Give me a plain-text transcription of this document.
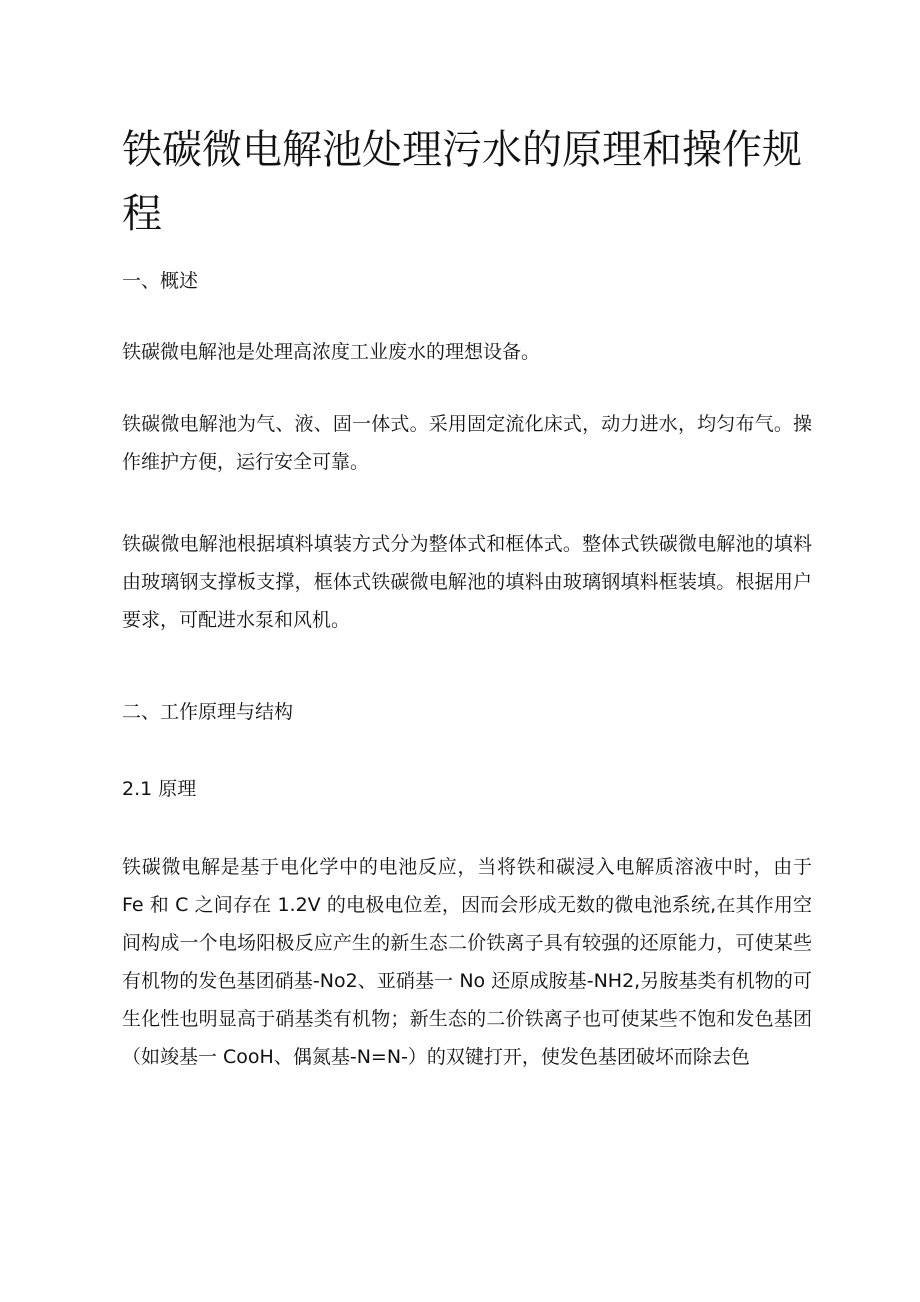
铁碳微电解池处理污水的原理和操作规程

一、概述

铁碳微电解池是处理高浓度工业废水的理想设备。

铁碳微电解池为气、液、固一体式。采用固定流化床式，动力进水，均匀布气。操作维护方便，运行安全可靠。

铁碳微电解池根据填料填装方式分为整体式和框体式。整体式铁碳微电解池的填料由玻璃钢支撑板支撑，框体式铁碳微电解池的填料由玻璃钢填料框装填。根据用户要求，可配进水泵和风机。

二、工作原理与结构

2.1 原理

铁碳微电解是基于电化学中的电池反应，当将铁和碳浸入电解质溶液中时，由于 Fe 和 C 之间存在 1.2V 的电极电位差，因而会形成无数的微电池系统,在其作用空间构成一个电场阳极反应产生的新生态二价铁离子具有较强的还原能力，可使某些有机物的发色基团硝基-No2、亚硝基一 No 还原成胺基-NH2,另胺基类有机物的可生化性也明显高于硝基类有机物；新生态的二价铁离子也可使某些不饱和发色基团（如竣基一 CooH、偶氮基-N=N-）的双键打开，使发色基团破坏而除去色
